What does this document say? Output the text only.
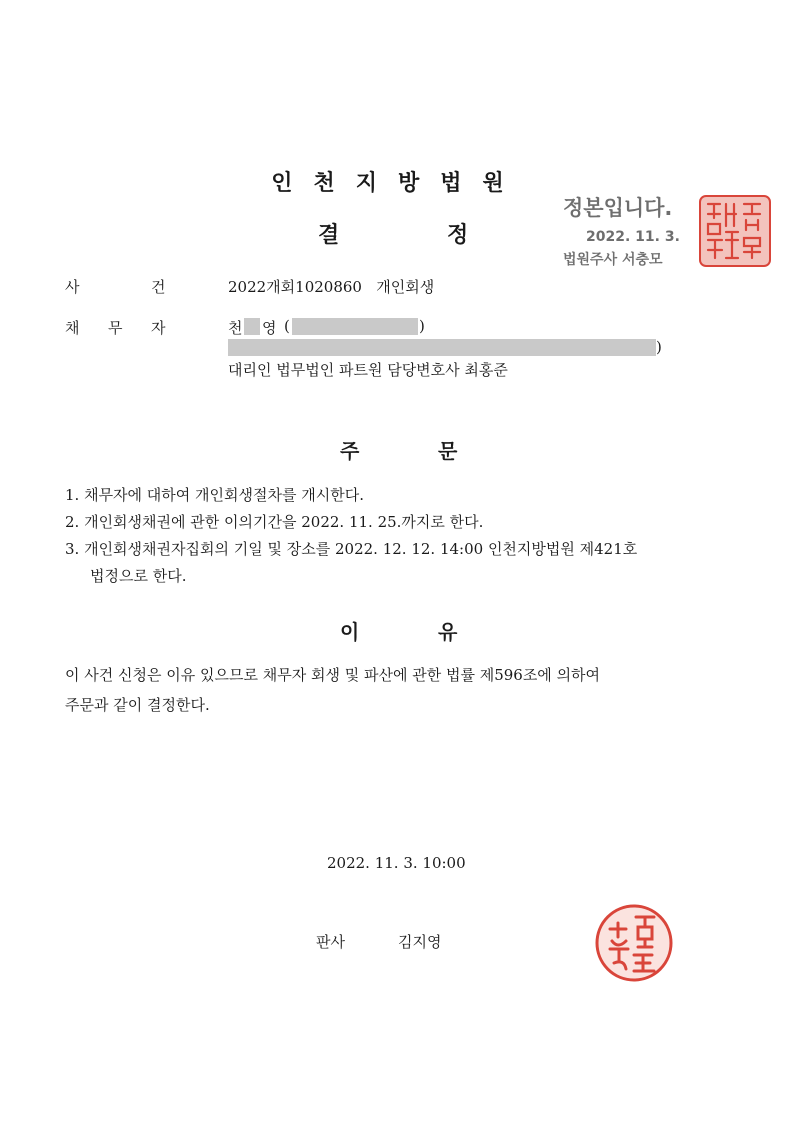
인천지방법원
결	정
정본입니다.
2022. 11. 3.
법원주사 서충모
사	건	2022개회1020860 개인회생
채 무 자	천 영 (	)
)
대리인 법무법인 파트원 담당변호사 최홍준
주	문
1. 채무자에 대하여 개인회생절차를 개시한다.
2. 개인회생채권에 관한 이의기간을 2022. 11. 25.까지로 한다.
3. 개인회생채권자집회의 기일 및 장소를 2022. 12. 12. 14:00 인천지방법원 제421호
법정으로 한다.
이	유
이 사건 신청은 이유 있으므로 채무자 회생 및 파산에 관한 법률 제596조에 의하여
주문과 같이 결정한다.
2022. 11. 3. 10:00
판사	김지영
